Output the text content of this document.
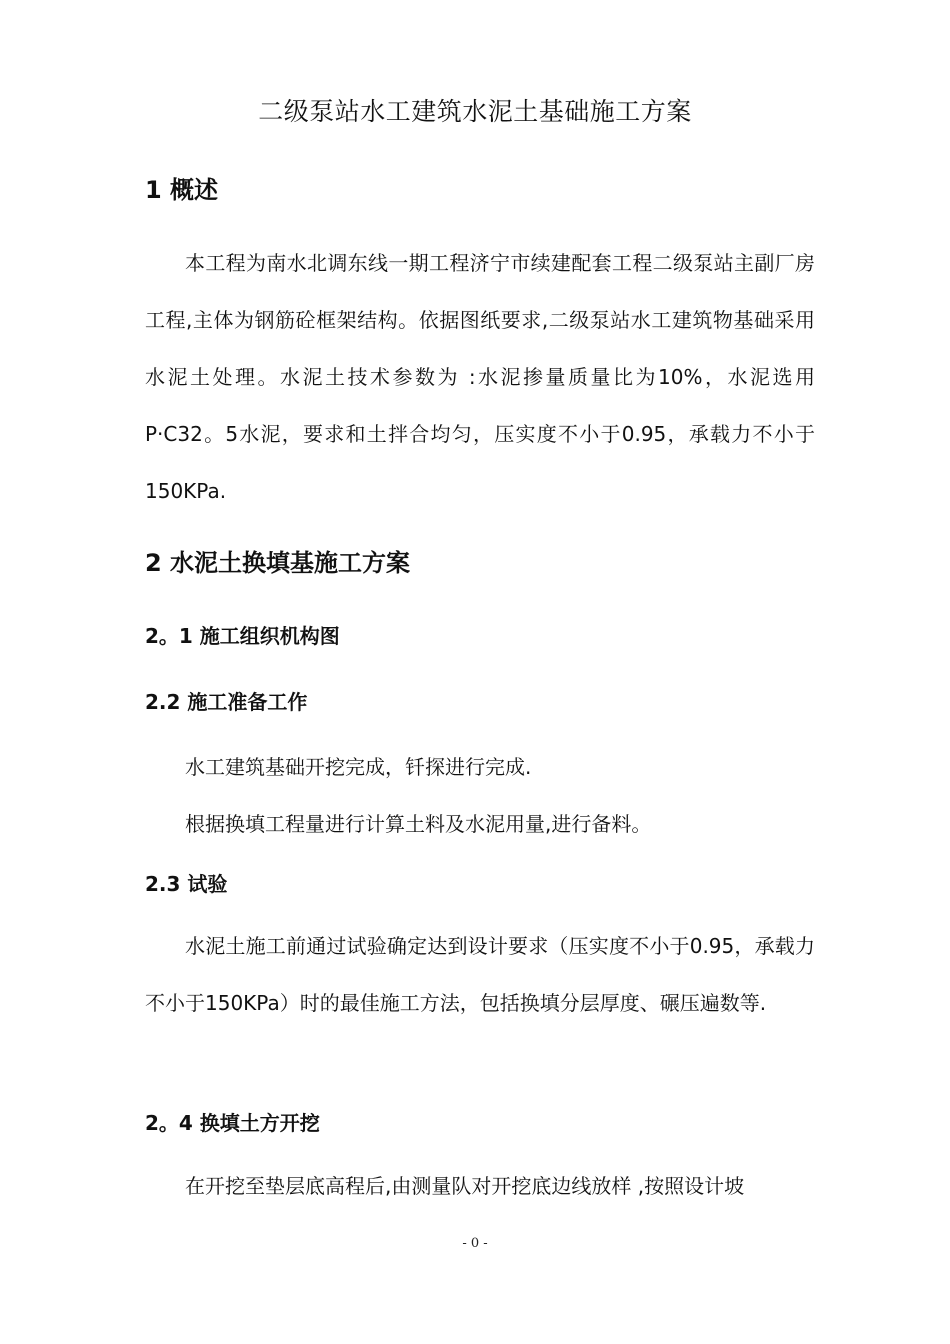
二级泵站水工建筑水泥土基础施工方案
1 概述

本工程为南水北调东线一期工程济宁市续建配套工程二级泵站主副厂房工程,主体为钢筋砼框架结构。依据图纸要求,二级泵站水工建筑物基础采用水泥土处理。水泥土技术参数为 :水泥掺量质量比为10%，水泥选用P·C32。5水泥，要求和土拌合均匀，压实度不小于0.95，承载力不小于150KPa.

2 水泥土换填基施工方案
2。1 施工组织机构图
2.2 施工准备工作

水工建筑基础开挖完成，钎探进行完成.

根据换填工程量进行计算土料及水泥用量,进行备料。

2.3 试验

水泥土施工前通过试验确定达到设计要求（压实度不小于0.95，承载力不小于150KPa）时的最佳施工方法，包括换填分层厚度、碾压遍数等.

2。4 换填土方开挖

在开挖至垫层底高程后,由测量队对开挖底边线放样 ,按照设计坡

- 0 -
